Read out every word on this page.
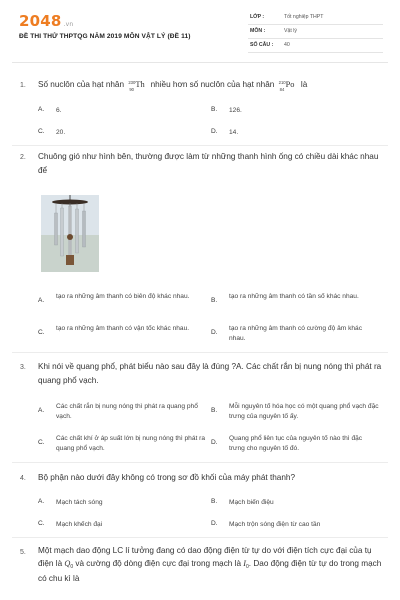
2048 .vn
ĐỀ THI THỬ THPTQG NĂM 2019 MÔN VẬT LÝ (ĐỀ 11)
LỚP :	Tốt nghiệp THPT
MÔN :	Vật lý
SỐ CÂU : 40
1. Số nuclôn của hạt nhân 230
90
Th nhiều hơn số nuclôn của hạt nhân 210
84
Po là
A. 6.	B. 126.
C. 20.	D. 14.
2. Chuông gió như hình bên, thường được làm từ những thanh hình ống có chiều dài khác nhau để
A.
tạo ra những âm thanh có biên độ khác nhau.
B.
tạo ra những âm thanh có tần số khác nhau.
C.
tạo ra những âm thanh có vận tốc khác nhau.
D.
tạo ra những âm thanh có cường độ âm khác nhau.
3. Khi nói về quang phổ, phát biểu nào sau đây là đúng ?A. Các chất rắn bị nung nóng thì phát ra quang phổ vạch.
A.
Các chất rắn bị nung nóng thì phát ra quang phổ vạch.
B.
Mỗi nguyên tố hóa học có một quang phổ vạch đặc trưng của nguyên tố ấy.
C.
Các chất khí ở áp suất lớn bị nung nóng thì phát ra quang phổ vạch.
D.
Quang phổ liên tục của nguyên tố nào thì đặc trưng cho nguyên tố đó.
4. Bộ phận nào dưới đây không có trong sơ đồ khối của máy phát thanh?
A. Mạch tách sóng	B. Mạch biến điệu
C. Mạch khếch đại	D. Mạch trộn sóng điện từ cao tần
5. Một mạch dao động LC lí tưởng đang có dao động điện từ tự do với điện tích cực đại của tụ điện là $Q_0$ và cường độ dòng điện cực đại trong mạch là $I_0$. Dao động điện từ tự do trong mạch có chu kì là
